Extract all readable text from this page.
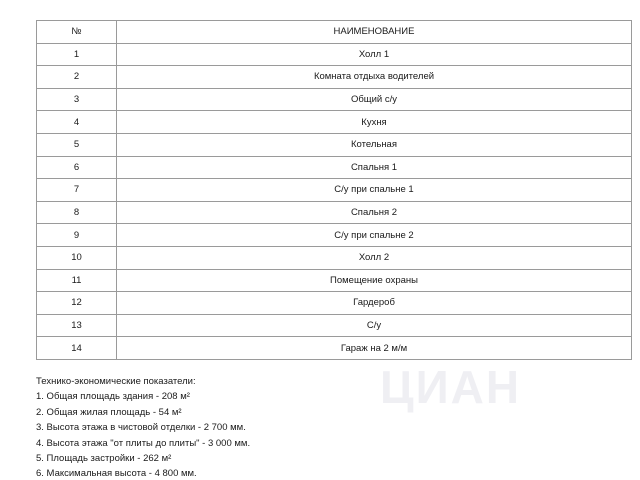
ЦИАН
№	НАИМЕНОВАНИЕ
1	Холл 1
2	Комната отдыха водителей
3	Общий с/у
4	Кухня
5	Котельная
6	Спальня 1
7	С/у при спальне 1
8	Спальня 2
9	С/у при спальне 2
10	Холл 2
11	Помещение охраны
12	Гардероб
13	С/у
14	Гараж на 2 м/м
Технико-экономические показатели:
1. Общая площадь здания - 208 м²
2. Общая жилая площадь - 54 м²
3. Высота этажа в чистовой отделки - 2 700 мм.
4. Высота этажа "от плиты до плиты" - 3 000 мм.
5. Площадь застройки - 262 м²
6. Максимальная высота - 4 800 мм.
